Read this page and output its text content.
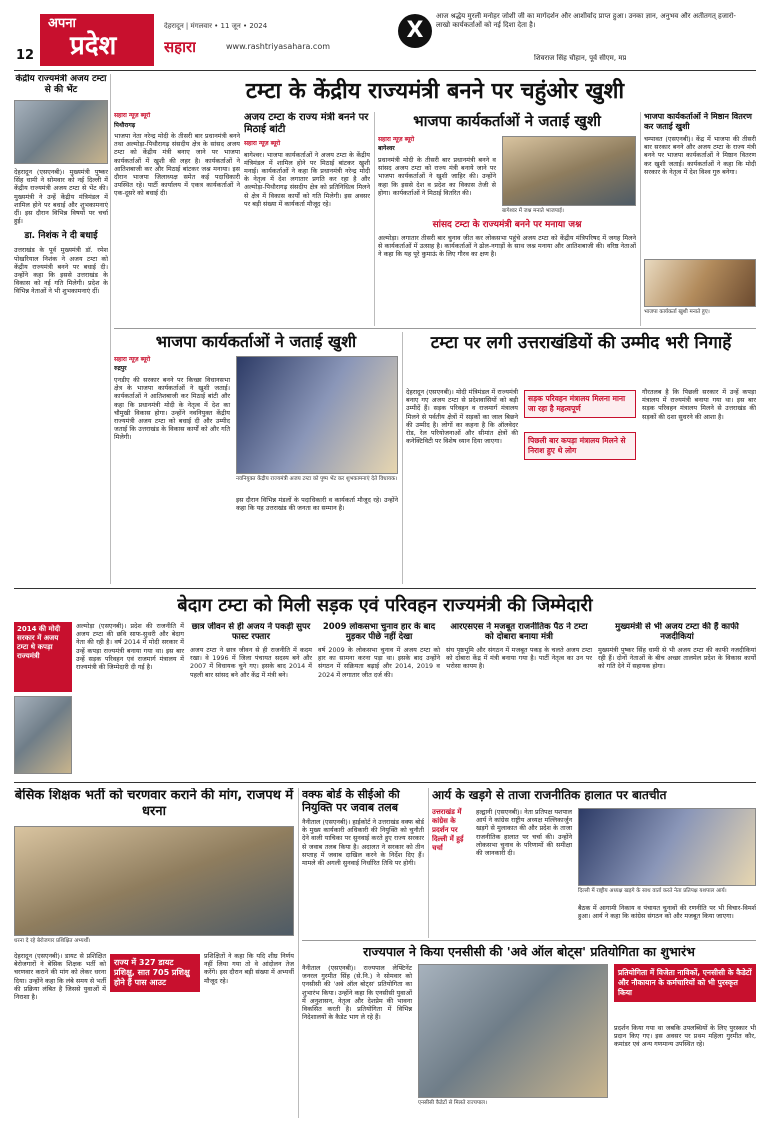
12
अपना
प्रदेश
देहरादून | मंगलवार • 11 जून • 2024
सहारा	www.rashtriyasahara.com
X
आज श्रद्धेय मुरली मनोहर जोशी जी का मार्गदर्शन और आशीर्वाद प्राप्त हुआ। उनका ज्ञान, अनुभव और अतीतगत् हजारो-लाखो कार्यकर्ताओं को नई दिशा देता है।
शिवराज सिंह चौहान, पूर्व सीएम, मप्र
केंद्रीय राज्यमंत्री अजय टम्टा से की भेंट
देहरादून (एसएनबी)। मुख्यमंत्री पुष्कर सिंह धामी ने सोमवार को नई दिल्ली में केंद्रीय राज्यमंत्री अजय टम्टा से भेंट की। मुख्यमंत्री ने उन्हें केंद्रीय मंत्रिमंडल में शामिल होने पर बधाई और शुभकामनाएं दीं। इस दौरान विभिन्न विषयों पर चर्चा हुई।
डा. निशंक ने दी बधाई
उत्तराखंड के पूर्व मुख्यमंत्री डॉ. रमेश पोखरियाल निशंक ने अजय टम्टा को केंद्रीय राज्यमंत्री बनने पर बधाई दी। उन्होंने कहा कि इससे उत्तराखंड के विकास को नई गति मिलेगी। प्रदेश के विभिन्न नेताओं ने भी शुभकामनाएं दीं।
टम्टा के केंद्रीय राज्यमंत्री बनने पर चहुंओर खुशी
सहारा न्यूज़ ब्यूरो
पिथौरागढ़
भाजपा नेता नरेन्द्र मोदी के तीसरी बार प्रधानमंत्री बनने तथा अल्मोड़ा-पिथौरागढ़ संसदीय क्षेत्र के सांसद अजय टम्टा को केंद्रीय मंत्री बनाए जाने पर भाजपा कार्यकर्ताओं में खुशी की लहर है। कार्यकर्ताओं ने आतिशबाजी कर और मिठाई बांटकर जश्न मनाया। इस दौरान भाजपा जिलाध्यक्ष समेत कई पदाधिकारी उपस्थित रहे। पार्टी कार्यालय में एकत्र कार्यकर्ताओं ने एक-दूसरे को बधाई दी।
अजय टम्टा के राज्य मंत्री बनने पर मिठाई बांटी
सहारा न्यूज़ ब्यूरो
बागेश्वर। भाजपा कार्यकर्ताओं ने अजय टम्टा के केंद्रीय मंत्रिमंडल में शामिल होने पर मिठाई बांटकर खुशी मनाई। कार्यकर्ताओं ने कहा कि प्रधानमंत्री नरेन्द्र मोदी के नेतृत्व में देश लगातार प्रगति कर रहा है और अल्मोड़ा-पिथौरागढ़ संसदीय क्षेत्र को प्रतिनिधित्व मिलने से क्षेत्र में विकास कार्यों को गति मिलेगी। इस अवसर पर बड़ी संख्या में कार्यकर्ता मौजूद रहे।
भाजपा कार्यकर्ताओं ने जताई खुशी
सहारा न्यूज़ ब्यूरो
बागेश्वर
प्रधानमंत्री मोदी के तीसरी बार प्रधानमंत्री बनने व सांसद अजय टम्टा को राज्य मंत्री बनाये जाने पर भाजपा कार्यकर्ताओं ने खुशी जाहिर की। उन्होंने कहा कि इससे देश व प्रदेश का विकास तेजी से होगा। कार्यकर्ताओं ने मिठाई वितरित की।
बागेश्वर में जश्न मनाते भाजपाई।
सांसद टम्टा के राज्यमंत्री बनने पर मनाया जश्न
अल्मोड़ा। लगातार तीसरी बार चुनाव जीत कर लोकसभा पहुंचे अजय टम्टा को केंद्रीय मंत्रिपरिषद में जगह मिलने से कार्यकर्ताओं में उत्साह है। कार्यकर्ताओं ने ढोल-नगाड़ों के साथ जश्न मनाया और आतिशबाजी की। वरिष्ठ नेताओं ने कहा कि यह पूरे कुमाऊं के लिए गौरव का क्षण है।
भाजपा कार्यकर्ताओं ने मिष्ठान वितरण कर जताई खुशी
चम्पावत (एसएनबी)। केंद्र में भाजपा की तीसरी बार सरकार बनने और अजय टम्टा के राज्य मंत्री बनने पर भाजपा कार्यकर्ताओं ने मिष्ठान वितरण कर खुशी जताई। कार्यकर्ताओं ने कहा कि मोदी सरकार के नेतृत्व में देश विश्व गुरु बनेगा।
भाजपा कार्यकर्ता खुशी मनाते हुए।
भाजपा कार्यकर्ताओं ने जताई खुशी
सहारा न्यूज़ ब्यूरो
रुद्रपुर
एनडीए की सरकार बनने पर किच्छा विधानसभा क्षेत्र के भाजपा कार्यकर्ताओं ने खुशी जताई। कार्यकर्ताओं ने आतिशबाजी कर मिठाई बांटी और कहा कि प्रधानमंत्री मोदी के नेतृत्व में देश का चौमुखी विकास होगा। उन्होंने नवनियुक्त केंद्रीय राज्यमंत्री अजय टम्टा को बधाई दी और उम्मीद जताई कि उत्तराखंड के विकास कार्यों को और गति मिलेगी।
नवनियुक्त केंद्रीय राज्यमंत्री अजय टम्टा को पुष्प भेंट कर शुभकामनाएं देते विधायक।
इस दौरान विभिन्न मंडलों के पदाधिकारी व कार्यकर्ता मौजूद रहे। उन्होंने कहा कि यह उत्तराखंड की जनता का सम्मान है।
टम्टा पर लगी उत्तराखंडियों की उम्मीद भरी निगाहें
देहरादून (एसएनबी)। मोदी मंत्रिमंडल में राज्यमंत्री बनाए गए अजय टम्टा से प्रदेशवासियों को बड़ी उम्मीदें हैं। सड़क परिवहन व राजमार्ग मंत्रालय मिलने से पर्वतीय क्षेत्रों में सड़कों का जाल बिछने की उम्मीद है। लोगों का कहना है कि ऑलवेदर रोड, रेल परियोजनाओं और सीमांत क्षेत्रों की कनेक्टिविटी पर विशेष ध्यान दिया जाएगा।
सड़क परिवहन मंत्रालय मिलना माना जा रहा है महत्वपूर्ण
पिछली बार कपड़ा मंत्रालय मिलने से निराश हुए थे लोग
गौरतलब है कि पिछली सरकार में उन्हें कपड़ा मंत्रालय में राज्यमंत्री बनाया गया था। इस बार सड़क परिवहन मंत्रालय मिलने से उत्तराखंड की सड़कों की दशा सुधरने की आशा है।
बेदाग टम्टा को मिली सड़क एवं परिवहन राज्यमंत्री की जिम्मेदारी
2014 की मोदी सरकार में अजय टम्टा थे कपड़ा राज्यमंत्री
अल्मोड़ा (एसएनबी)। प्रदेश की राजनीति में अजय टम्टा की छवि साफ-सुथरी और बेदाग नेता की रही है। वर्ष 2014 में मोदी सरकार में उन्हें कपड़ा राज्यमंत्री बनाया गया था। इस बार उन्हें सड़क परिवहन एवं राजमार्ग मंत्रालय में राज्यमंत्री की जिम्मेदारी दी गई है।
छात्र जीवन से ही अजय ने पकड़ी सुपर फास्ट रफ्तार
अजय टम्टा ने छात्र जीवन से ही राजनीति में कदम रखा। वे 1996 में जिला पंचायत सदस्य बने और 2007 में विधायक चुने गए। इसके बाद 2014 में पहली बार सांसद बने और केंद्र में मंत्री बने।
2009 लोकसभा चुनाव हार के बाद मुड़कर पीछे नहीं देखा
वर्ष 2009 के लोकसभा चुनाव में अजय टम्टा को हार का सामना करना पड़ा था। इसके बाद उन्होंने संगठन में सक्रियता बढ़ाई और 2014, 2019 व 2024 में लगातार जीत दर्ज की।
आरएसएस ने मजबूत राजनीतिक पैठ ने टम्टा को दोबारा बनाया मंत्री
संघ पृष्ठभूमि और संगठन में मजबूत पकड़ के चलते अजय टम्टा को दोबारा केंद्र में मंत्री बनाया गया है। पार्टी नेतृत्व का उन पर भरोसा कायम है।
मुख्यमंत्री से भी अजय टम्टा की हैं काफी नजदीकियां
मुख्यमंत्री पुष्कर सिंह धामी से भी अजय टम्टा की काफी नजदीकियां रही हैं। दोनों नेताओं के बीच अच्छा तालमेल प्रदेश के विकास कार्यों को गति देने में सहायक होगा।
बेसिक शिक्षक भर्ती को चरणवार कराने की मांग, राजपथ में धरना
धरना दे रहे बेरोजगार प्रशिक्षित अभ्यर्थी।
देहरादून (एसएनबी)। डायट से प्रशिक्षित बेरोजगारों ने बेसिक शिक्षक भर्ती को चरणवार कराने की मांग को लेकर धरना दिया। उन्होंने कहा कि लंबे समय से भर्ती की प्रक्रिया लंबित है जिससे युवाओं में निराशा है।
राज्य में 327 डायट प्रशिक्षु, सात 705 प्रशिक्षु होने हैं पास आउट
प्रशिक्षितों ने कहा कि यदि शीघ्र निर्णय नहीं लिया गया तो वे आंदोलन तेज करेंगे। इस दौरान बड़ी संख्या में अभ्यर्थी मौजूद रहे।
वक्फ बोर्ड के सीईओ की नियुक्ति पर जवाब तलब
नैनीताल (एसएनबी)। हाईकोर्ट ने उत्तराखंड वक्फ बोर्ड के मुख्य कार्यकारी अधिकारी की नियुक्ति को चुनौती देने वाली याचिका पर सुनवाई करते हुए राज्य सरकार से जवाब तलब किया है। अदालत ने सरकार को तीन सप्ताह में जवाब दाखिल करने के निर्देश दिए हैं। मामले की अगली सुनवाई निर्धारित तिथि पर होगी।
आर्य के खड़गे से ताजा राजनीतिक हालात पर बातचीत
उत्तराखंड में कांग्रेस के प्रदर्शन पर दिल्ली में हुई चर्चा
हल्द्वानी (एसएनबी)। नेता प्रतिपक्ष यशपाल आर्य ने कांग्रेस राष्ट्रीय अध्यक्ष मल्लिकार्जुन खड़गे से मुलाकात की और प्रदेश के ताजा राजनीतिक हालात पर चर्चा की। उन्होंने लोकसभा चुनाव के परिणामों की समीक्षा की जानकारी दी।
दिल्ली में राष्ट्रीय अध्यक्ष खड़गे के साथ वार्ता करते नेता प्रतिपक्ष यशपाल आर्य।
बैठक में आगामी निकाय व पंचायत चुनावों की रणनीति पर भी विचार-विमर्श हुआ। आर्य ने कहा कि कांग्रेस संगठन को और मजबूत किया जाएगा।
राज्यपाल ने किया एनसीसी की 'अवे ऑल बोट्स' प्रतियोगिता का शुभारंभ
नैनीताल (एसएनबी)। राज्यपाल लेफ्टिनेंट जनरल गुरमीत सिंह (से.नि.) ने सोमवार को एनसीसी की 'अवे ऑल बोट्स' प्रतियोगिता का शुभारंभ किया। उन्होंने कहा कि एनसीसी युवाओं में अनुशासन, नेतृत्व और देशप्रेम की भावना विकसित करती है। प्रतियोगिता में विभिन्न निदेशालयों के कैडेट भाग ले रहे हैं।
एनसीसी कैडेटों से मिलते राज्यपाल।
प्रतियोगिता में विजेता नाविकों, एनसीसी के कैडेटों और नौकायान के कर्मचारियों को भी पुरस्कृत किया
प्रदर्शन किया गया था जबकि उपलब्धियों के लिए पुरस्कार भी प्रदान किए गए। इस अवसर पर प्रथम महिला गुरमीत कौर, कमांडर एवं अन्य गणमान्य उपस्थित रहे।
